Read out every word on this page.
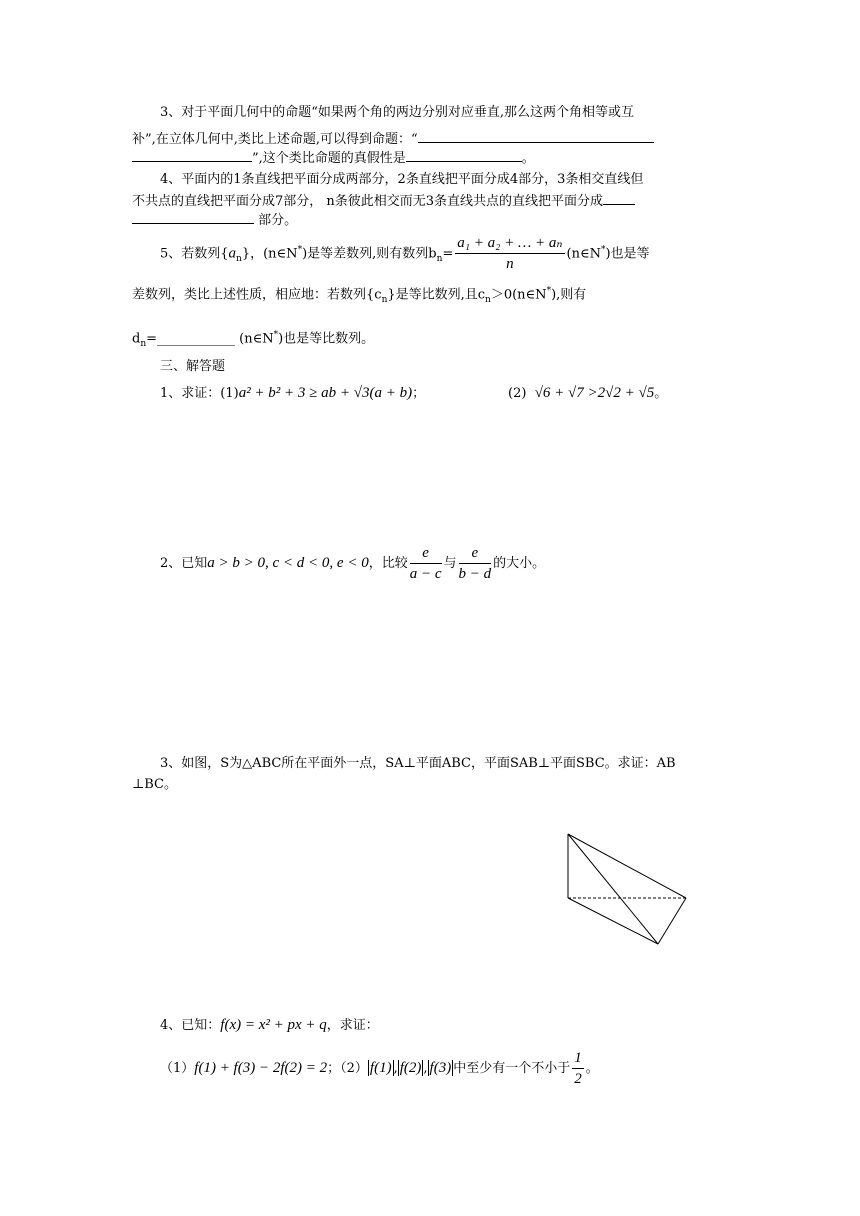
3、对于平面几何中的命题“如果两个角的两边分别对应垂直,那么这两个角相等或互
补”,在立体几何中,类比上述命题,可以得到命题：“
”,这个类比命题的真假性是	。
4、平面内的1条直线把平面分成两部分，2条直线把平面分成4部分，3条相交直线但
不共点的直线把平面分成7部分， n条彼此相交而无3条直线共点的直线把平面分成
部分。
5、若数列$\{a_n\}$，(n∈N*)是等差数列,则有数列$b_n= \frac{\text{a₁ + a₂ + … + aₙ}}{n}$ (n∈N*)也是等
差数列，类比上述性质，相应地：若数列$\{c_n\}$是等比数列,且$c_n>0(n\in N^*)$,则有
$d_n=\_\_\_\_\_\_\_\_\_\_\_\_$ (n∈N*)也是等比数列。
三、解答题
1、求证：(1)a² + b² + 3 ≥ ab + √3(a + b)；	(2) √6 + √7 >2√2 + √5。
2、已知a > b > 0, c < d < 0, e < 0，比较 $\frac{e}{a - c}$ 与 $\frac{e}{b - d}$ 的大小。
3、如图，S为△ABC所在平面外一点，SA⊥平面ABC，平面SAB⊥平面SBC。求证：AB
⊥BC。
4、已知：f(x) = x² + px + q，求证：
（1）f(1) + f(3) − 2f(2) = 2；（2） f(1) , f(2) , f(3) 中至少有一个不小于 $\frac{1}{2}$ 。
